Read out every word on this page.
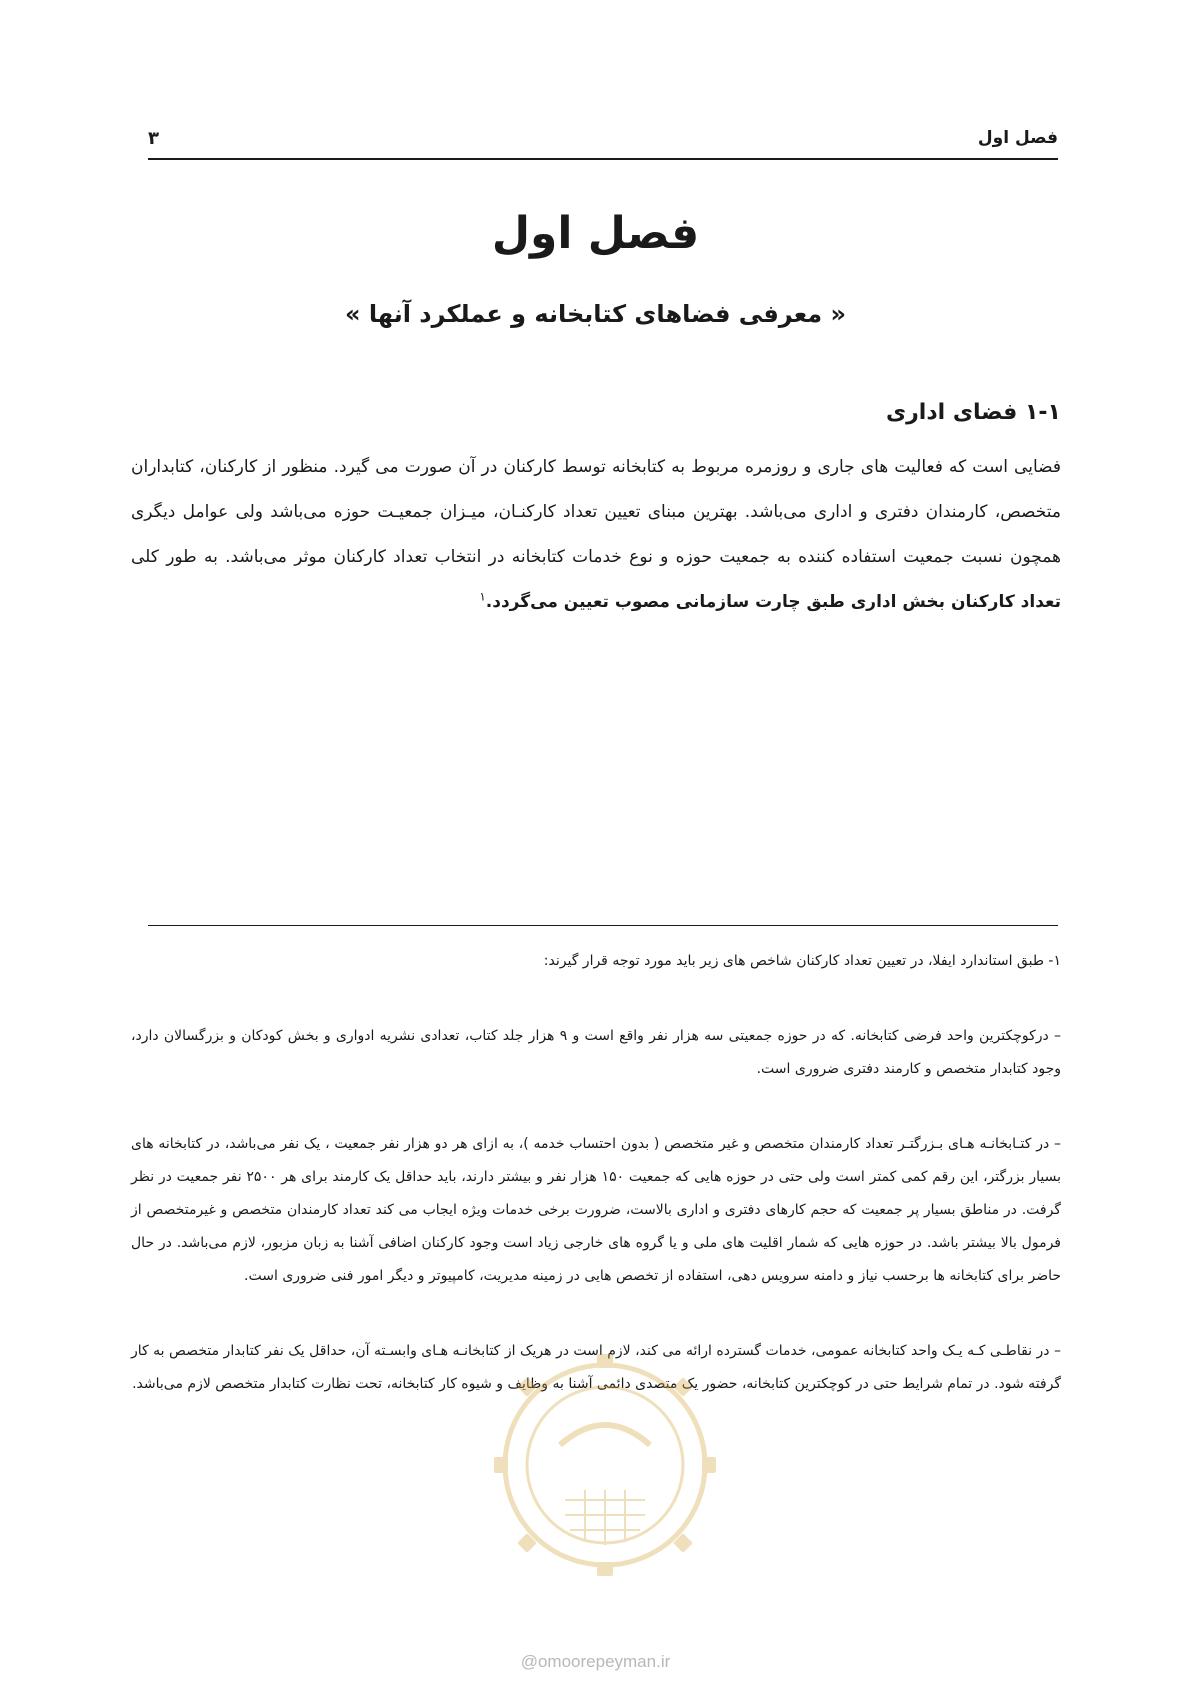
فصل اول
۳
فصل اول
« معرفی فضاهای کتابخانه و عملکرد آنها »
۱-۱ فضای اداری
فضایی است که فعالیت های جاری و روزمره مربوط به کتابخانه توسط کارکنان در آن صورت می گیرد. منظور از کارکنان، کتابداران متخصص، کارمندان دفتری و اداری می‌باشد. بهترین مبنای تعیین تعداد کارکنـان، میـزان جمعیـت حوزه می‌باشد ولی عوامل دیگری همچون نسبت جمعیت استفاده کننده به جمعیت حوزه و نوع خدمات کتابخانه در انتخاب تعداد کارکنان موثر می‌باشد. به طور کلی تعداد کارکنان بخش اداری طبق چارت سازمانی مصوب تعیین می‌گردد.$^۱$

۱- طبق استاندارد ایفلا، در تعیین تعداد کارکنان شاخص های زیر باید مورد توجه قرار گیرند:

– درکوچکترین واحد فرضی کتابخانه. که در حوزه جمعیتی سه هزار نفر واقع است و ۹ هزار جلد کتاب، تعدادی نشریه ادواری و بخش کودکان و بزرگسالان دارد، وجود کتابدار متخصص و کارمند دفتری ضروری است.

– در کتـابخانـه هـای بـزرگتـر تعداد کارمندان متخصص و غیر متخصص ( بدون احتساب خدمه )، به ازای هر دو هزار نفر جمعیت ، یک نفر می‌باشد، در کتابخانه های بسیار بزرگتر، این رقم کمی کمتر است ولی حتی در حوزه هایی که جمعیت ۱۵۰ هزار نفر و بیشتر دارند، باید حداقل یک کارمند برای هر ۲۵۰۰ نفر جمعیت در نظر گرفت. در مناطق بسیار پر جمعیت که حجم کارهای دفتری و اداری بالاست، ضرورت برخی خدمات ویژه ایجاب می کند تعداد کارمندان متخصص و غیرمتخصص از فرمول بالا بیشتر باشد. در حوزه هایی که شمار اقلیت های ملی و یا گروه های خارجی زیاد است وجود کارکنان اضافی آشنا به زبان مزبور، لازم می‌باشد. در حال حاضر برای کتابخانه ها برحسب نیاز و دامنه سرویس دهی، استفاده از تخصص هایی در زمینه مدیریت، کامپیوتر و دیگر امور فنی ضروری است.

– در نقاطـی کـه یـک واحد کتابخانه عمومی، خدمات گسترده ارائه می کند، لازم است در هریک از کتابخانـه هـای وابسـته آن، حداقل یک نفر کتابدار متخصص به کار گرفته شود. در تمام شرایط حتی در کوچکترین کتابخانه، حضور یک متصدی دائمی آشنا به وظایف و شیوه کار کتابخانه، تحت نظارت کتابدار متخصص لازم می‌باشد.

@omoorepeyman.ir
